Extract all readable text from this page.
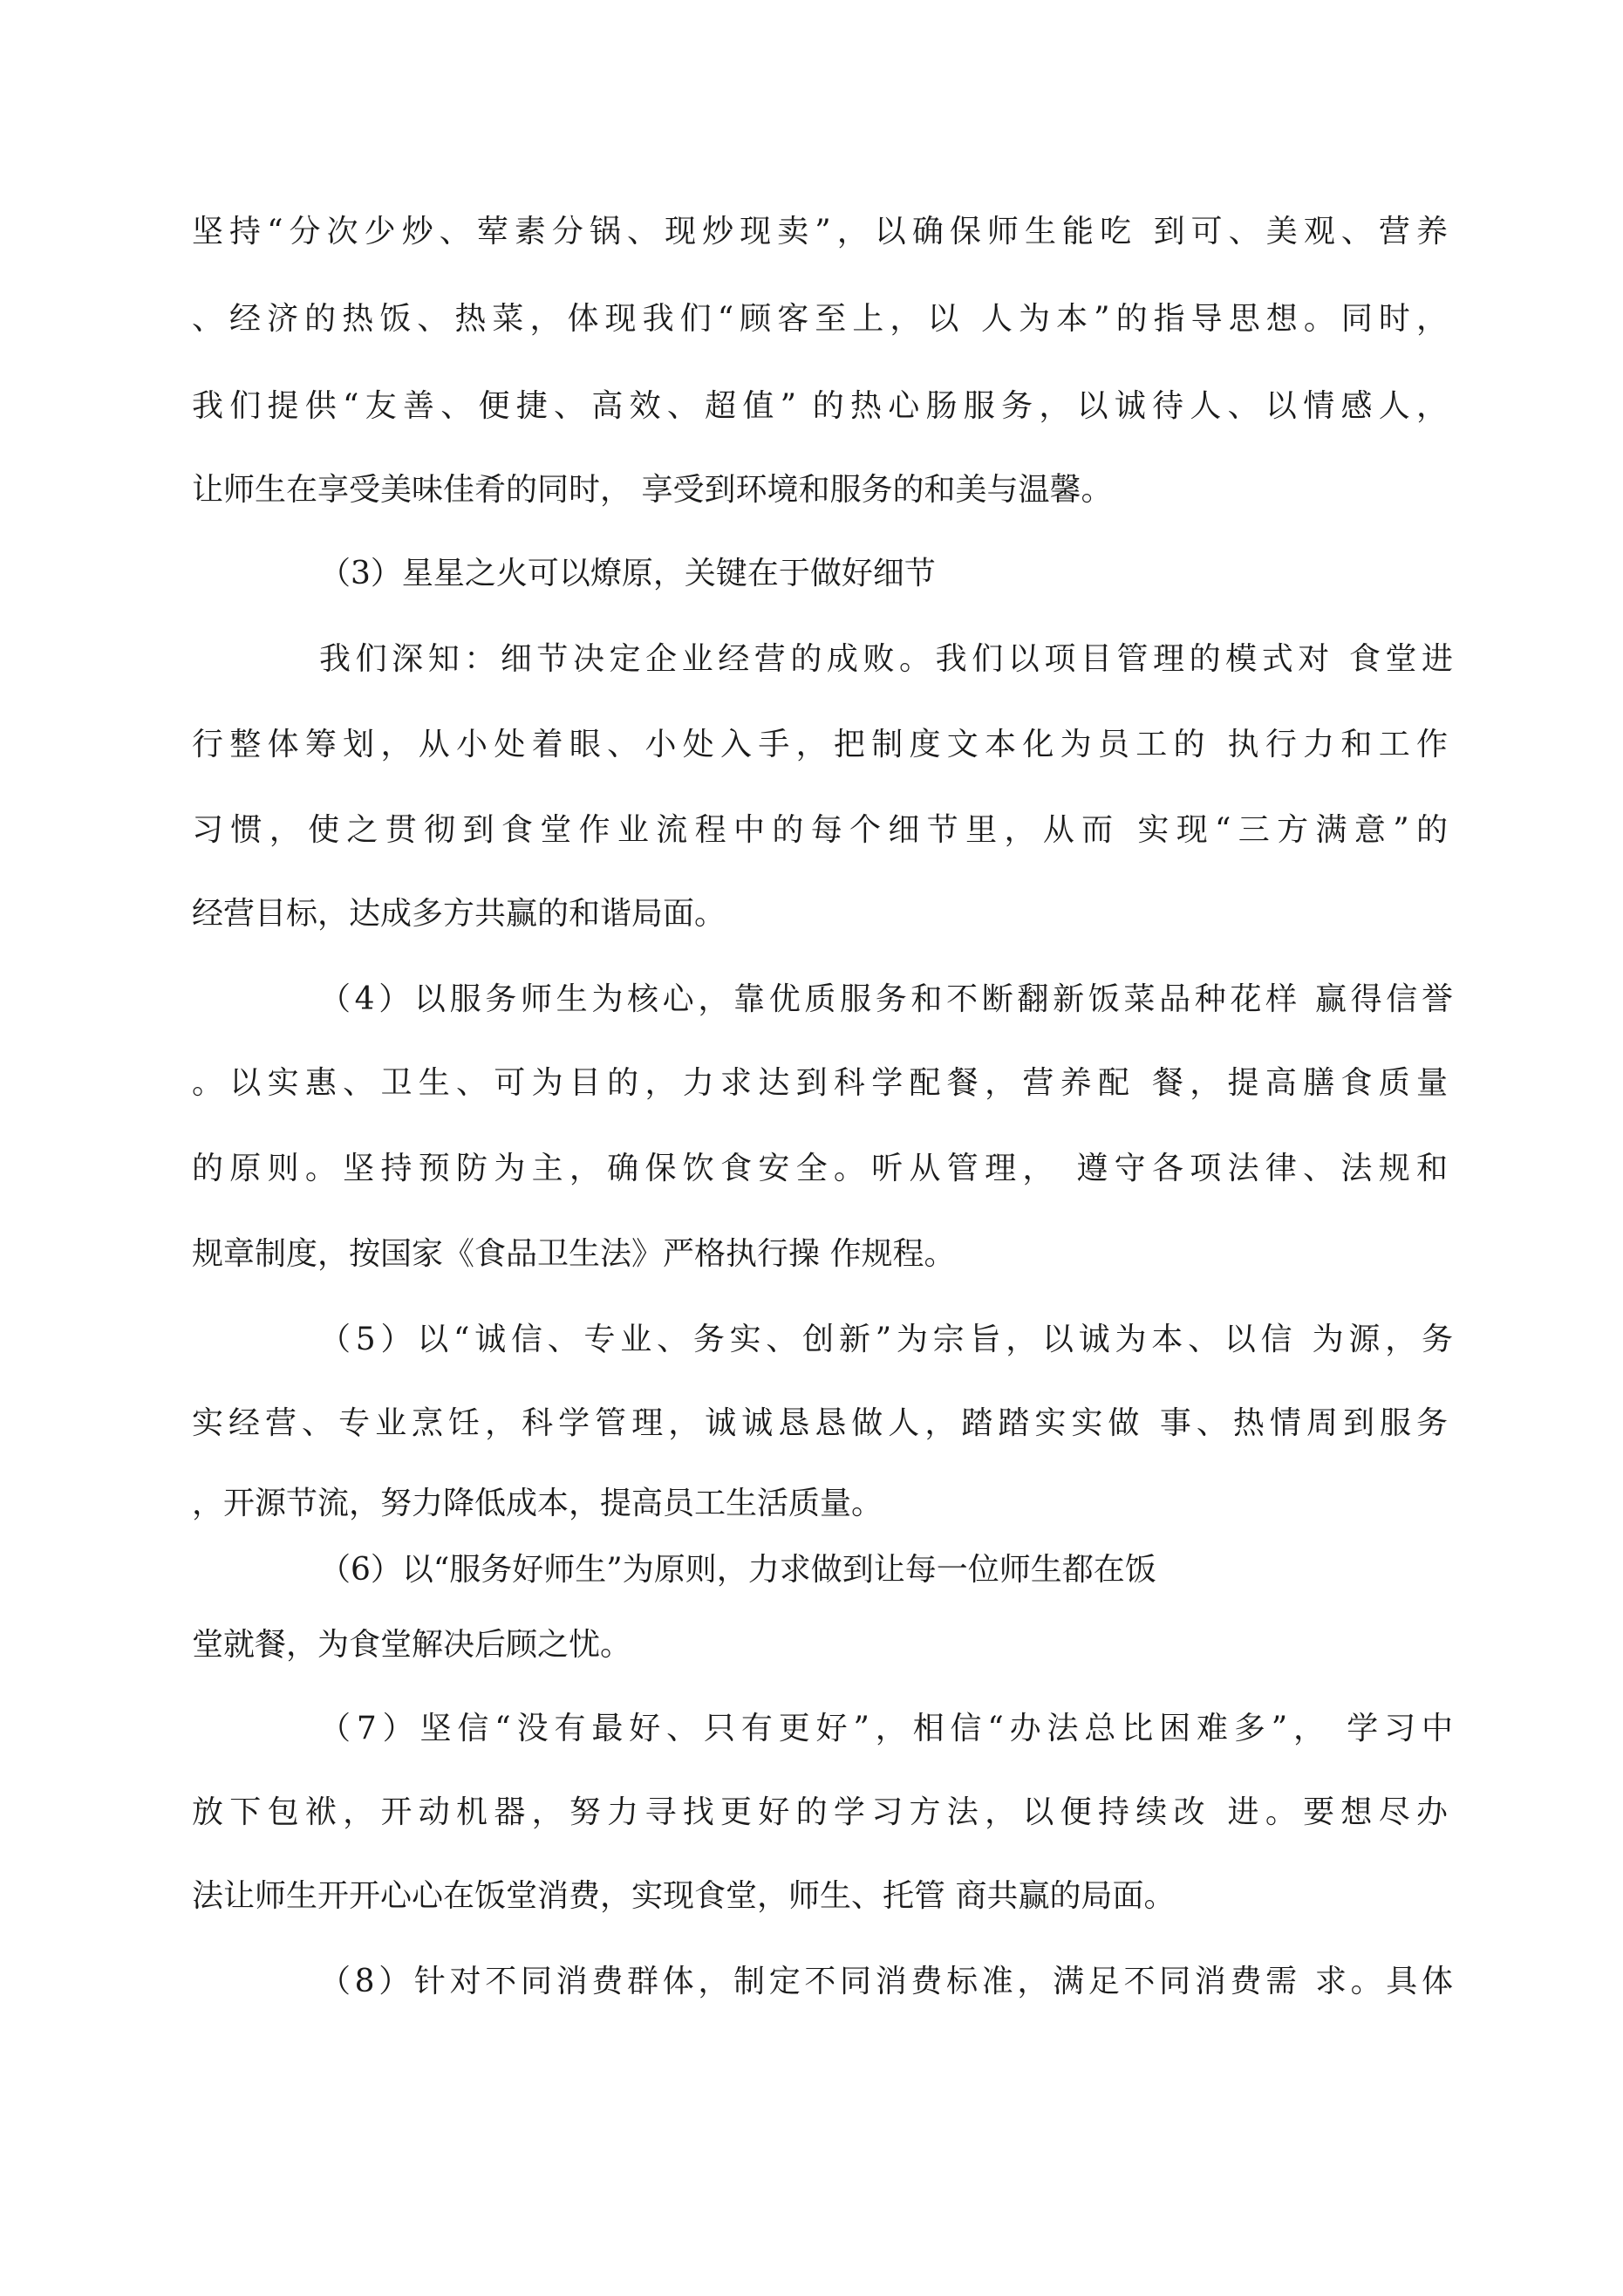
坚持“分次少炒、荤素分锅、现炒现卖”，以确保师生能吃 到可、美观、营养
、经济的热饭、热菜，体现我们“顾客至上，以 人为本”的指导思想。同时，
我们提供“友善、便捷、高效、超值” 的热心肠服务，以诚待人、以情感人，
让师生在享受美味佳肴的同时， 享受到环境和服务的和美与温馨。
（3）星星之火可以燎原，关键在于做好细节
我们深知：细节决定企业经营的成败。我们以项目管理的模式对 食堂进
行整体筹划，从小处着眼、小处入手，把制度文本化为员工的 执行力和工作
习惯，使之贯彻到食堂作业流程中的每个细节里，从而 实现“三方满意”的
经营目标，达成多方共赢的和谐局面。
（4）以服务师生为核心，靠优质服务和不断翻新饭菜品种花样 赢得信誉
。以实惠、卫生、可为目的，力求达到科学配餐，营养配 餐，提高膳食质量
的原则。坚持预防为主，确保饮食安全。听从管理， 遵守各项法律、法规和
规章制度，按国家《食品卫生法》严格执行操 作规程。
（5）以“诚信、专业、务实、创新”为宗旨，以诚为本、以信 为源，务
实经营、专业烹饪，科学管理，诚诚恳恳做人，踏踏实实做 事、热情周到服务
，开源节流，努力降低成本，提高员工生活质量。
（6）以“服务好师生”为原则，力求做到让每一位师生都在饭
堂就餐，为食堂解决后顾之忧。
（7）坚信“没有最好、只有更好”，相信“办法总比困难多”， 学习中
放下包袱，开动机器，努力寻找更好的学习方法，以便持续改 进。要想尽办
法让师生开开心心在饭堂消费，实现食堂，师生、托管 商共赢的局面。
（8）针对不同消费群体，制定不同消费标准，满足不同消费需 求。具体
